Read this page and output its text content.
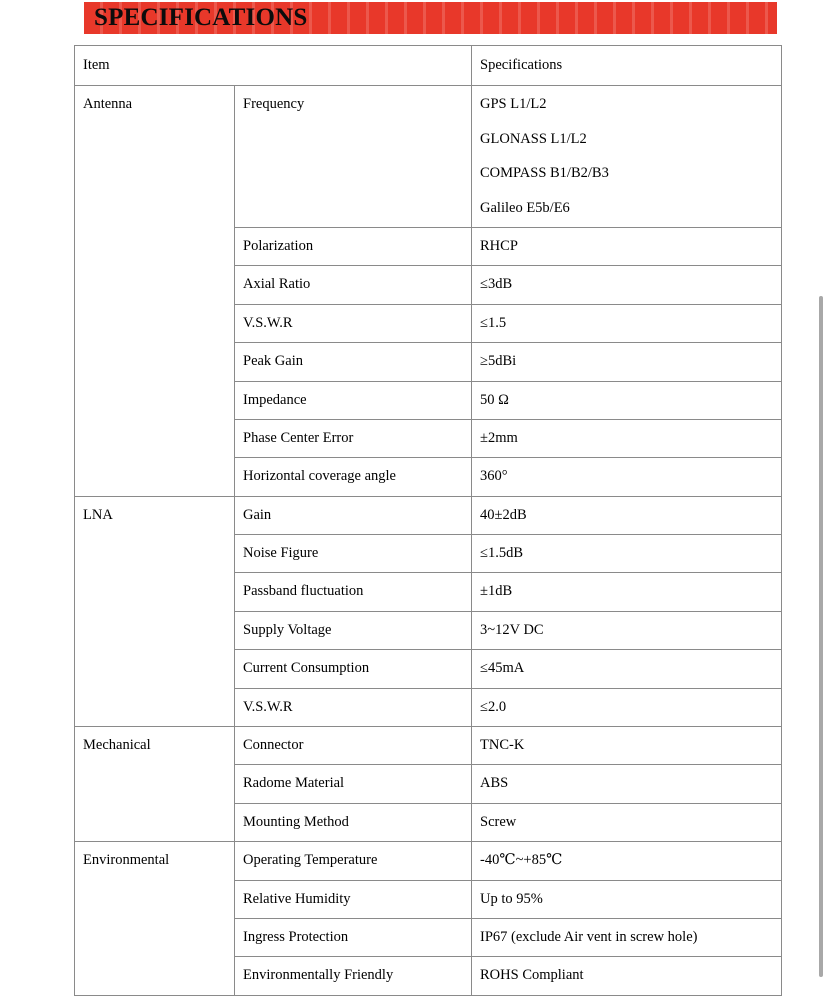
SPECIFICATIONS
Item		Specifications

Antenna	Frequency	GPS L1/L2
GLONASS L1/L2
COMPASS B1/B2/B3
Galileo E5b/E6

	Polarization	RHCP

	Axial Ratio	≤3dB

	V.S.W.R	≤1.5

	Peak Gain	≥5dBi

	Impedance	50 Ω

	Phase Center Error	±2mm

	Horizontal coverage angle	360°

LNA	Gain	40±2dB

	Noise Figure	≤1.5dB

	Passband fluctuation	±1dB

	Supply Voltage	3~12V DC

	Current Consumption	≤45mA

	V.S.W.R	≤2.0

Mechanical	Connector	TNC-K

	Radome Material	ABS

	Mounting Method	Screw

Environmental	Operating Temperature	-40℃~+85℃

	Relative Humidity	Up to 95%

	Ingress Protection	IP67 (exclude Air vent in screw hole)

	Environmentally Friendly	ROHS Compliant
